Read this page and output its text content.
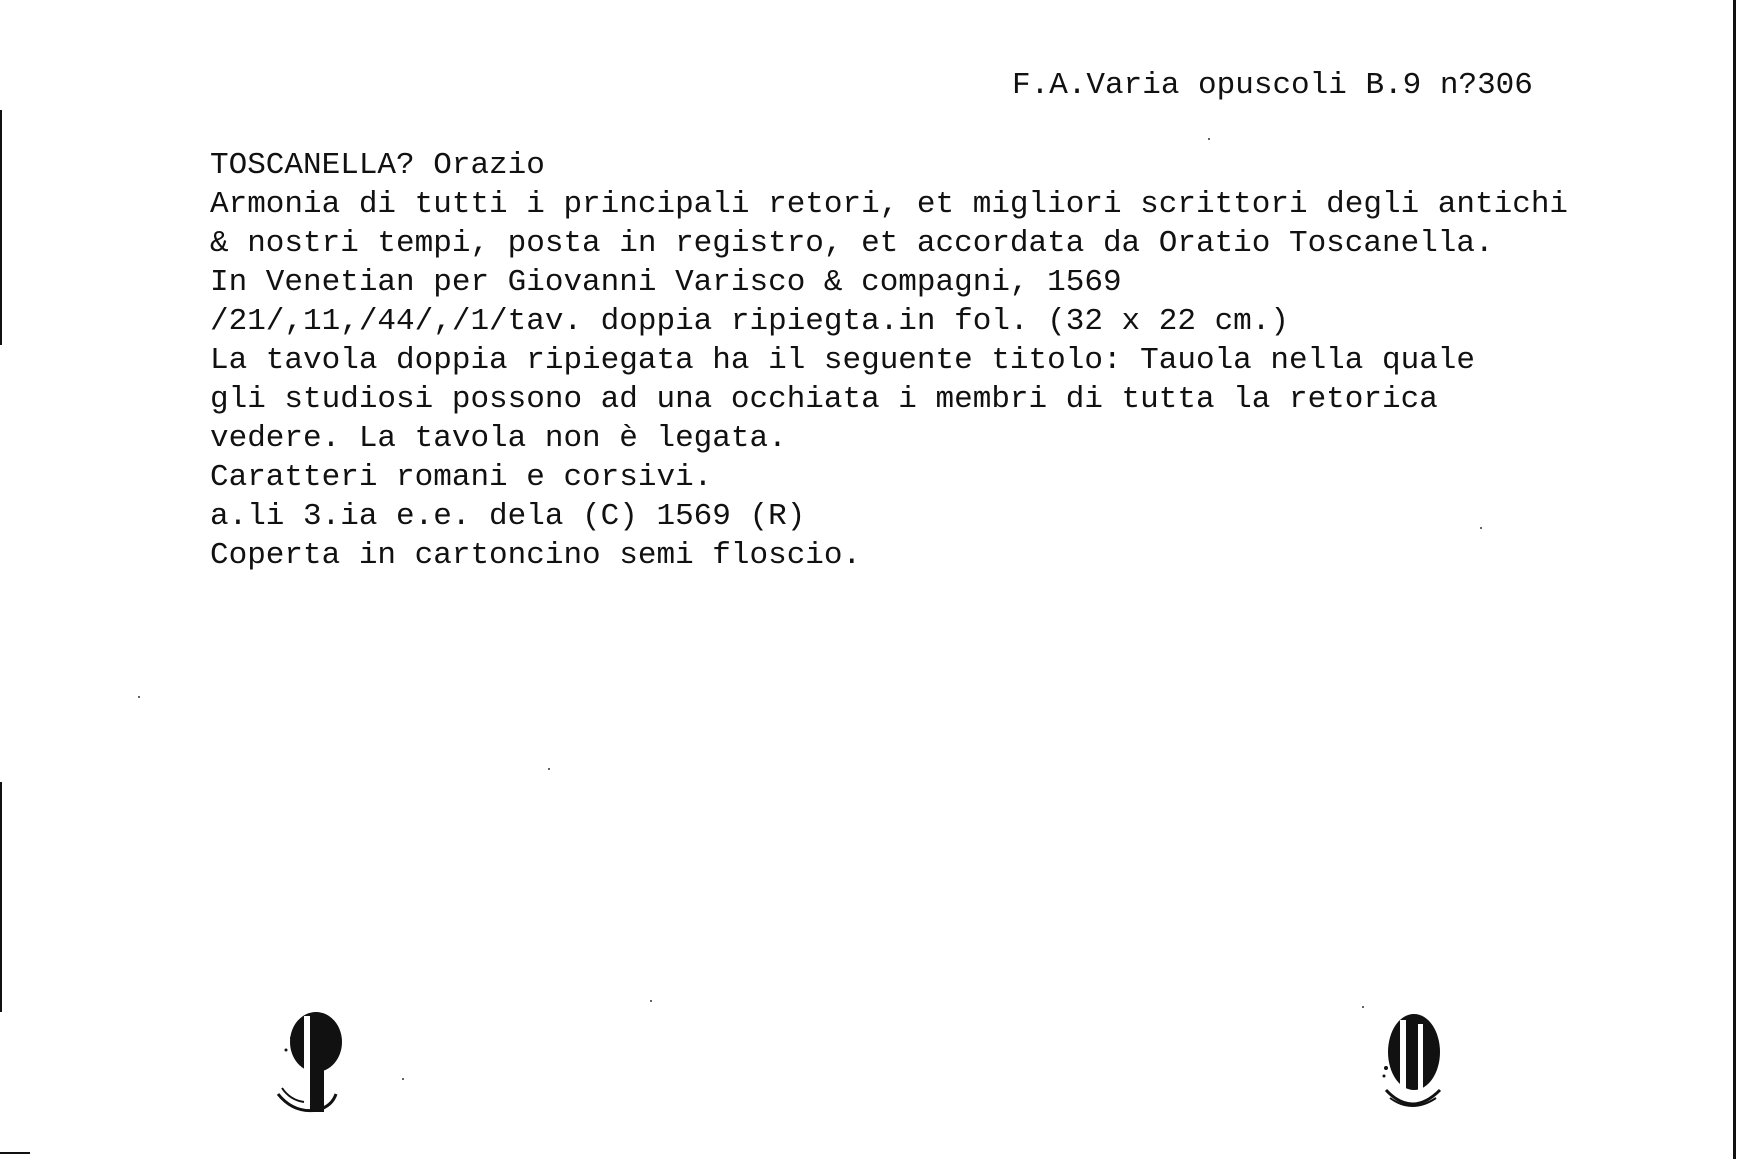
F.A.Varia opuscoli B.9 n?306
TOSCANELLA? Orazio
Armonia di tutti i principali retori, et migliori scrittori degli antichi
& nostri tempi, posta in registro, et accordata da Oratio Toscanella.
In Venetian per Giovanni Varisco & compagni, 1569
/21/,11,/44/,/1/tav. doppia ripiegta.in fol. (32 x 22 cm.)
La tavola doppia ripiegata ha il seguente titolo: Tauola nella quale
gli studiosi possono ad una occhiata i membri di tutta la retorica
vedere. La tavola non è legata.
Caratteri romani e corsivi.
a.li 3.ia e.e. dela (C) 1569 (R)
Coperta in cartoncino semi floscio.
